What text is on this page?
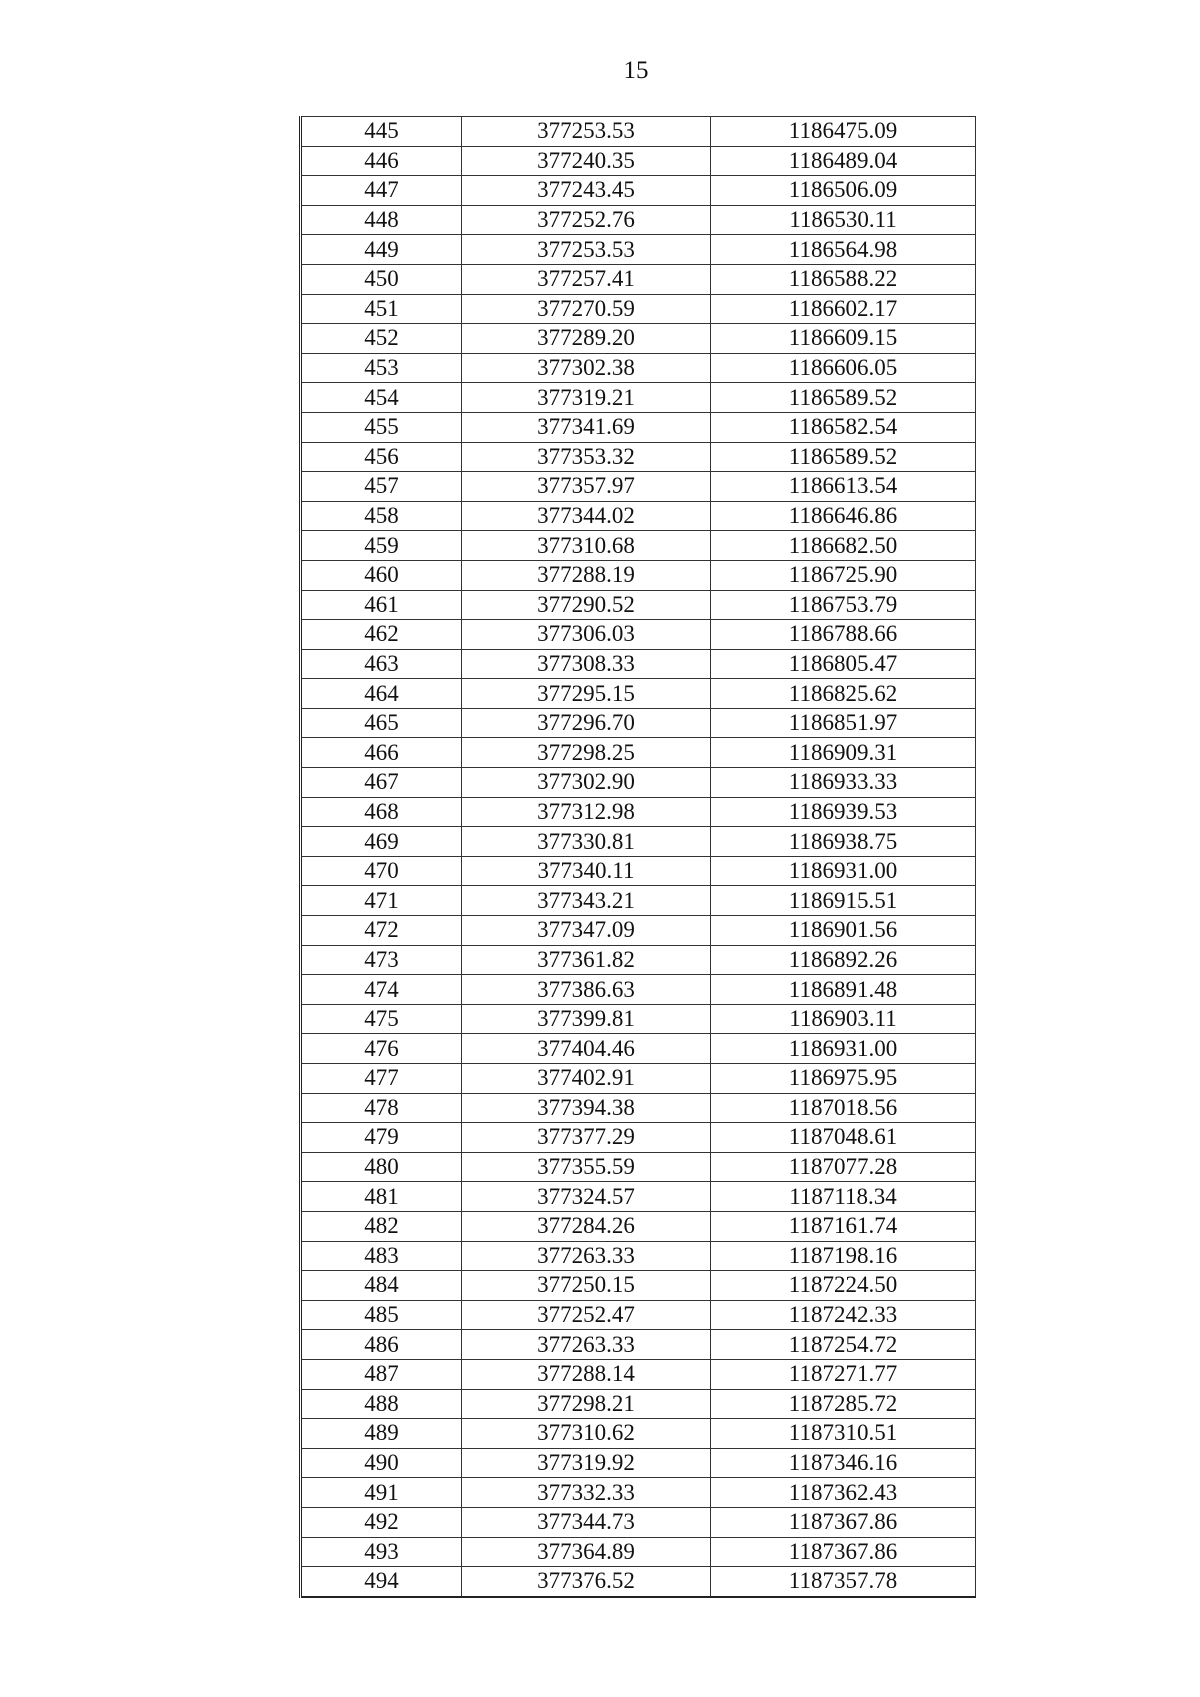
15
445	377253.53	1186475.09
446	377240.35	1186489.04
447	377243.45	1186506.09
448	377252.76	1186530.11
449	377253.53	1186564.98
450	377257.41	1186588.22
451	377270.59	1186602.17
452	377289.20	1186609.15
453	377302.38	1186606.05
454	377319.21	1186589.52
455	377341.69	1186582.54
456	377353.32	1186589.52
457	377357.97	1186613.54
458	377344.02	1186646.86
459	377310.68	1186682.50
460	377288.19	1186725.90
461	377290.52	1186753.79
462	377306.03	1186788.66
463	377308.33	1186805.47
464	377295.15	1186825.62
465	377296.70	1186851.97
466	377298.25	1186909.31
467	377302.90	1186933.33
468	377312.98	1186939.53
469	377330.81	1186938.75
470	377340.11	1186931.00
471	377343.21	1186915.51
472	377347.09	1186901.56
473	377361.82	1186892.26
474	377386.63	1186891.48
475	377399.81	1186903.11
476	377404.46	1186931.00
477	377402.91	1186975.95
478	377394.38	1187018.56
479	377377.29	1187048.61
480	377355.59	1187077.28
481	377324.57	1187118.34
482	377284.26	1187161.74
483	377263.33	1187198.16
484	377250.15	1187224.50
485	377252.47	1187242.33
486	377263.33	1187254.72
487	377288.14	1187271.77
488	377298.21	1187285.72
489	377310.62	1187310.51
490	377319.92	1187346.16
491	377332.33	1187362.43
492	377344.73	1187367.86
493	377364.89	1187367.86
494	377376.52	1187357.78
